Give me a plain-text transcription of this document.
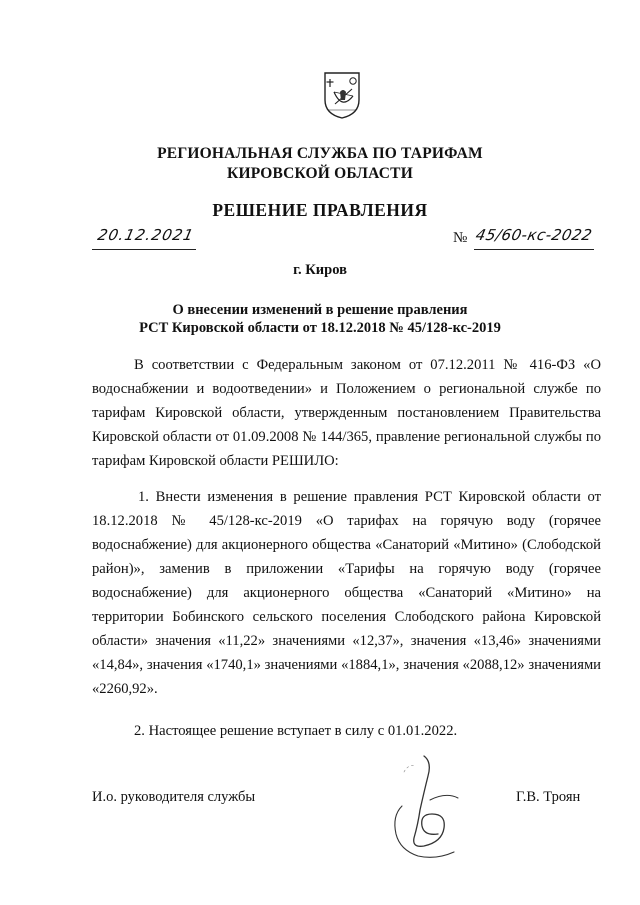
РЕГИОНАЛЬНАЯ СЛУЖБА ПО ТАРИФАМ
КИРОВСКОЙ ОБЛАСТИ
РЕШЕНИЕ ПРАВЛЕНИЯ
20.12.2021	№ 45/60-кс-2022
г. Киров
О внесении изменений в решение правления
РСТ Кировской области от 18.12.2018 № 45/128-кс-2019

В соответствии с Федеральным законом от 07.12.2011 № 416-ФЗ «О водоснабжении и водоотведении» и Положением о региональной службе по тарифам Кировской области, утвержденным постановлением Правительства Кировской области от 01.09.2008 № 144/365, правление региональной службы по тарифам Кировской области РЕШИЛО:

1. Внести изменения в решение правления РСТ Кировской области от 18.12.2018 № 45/128-кс-2019 «О тарифах на горячую воду (горячее водоснабжение) для акционерного общества «Санаторий «Митино» (Слободской район)», заменив в приложении «Тарифы на горячую воду (горячее водоснабжение) для акционерного общества «Санаторий «Митино» на территории Бобинского сельского поселения Слободского района Кировской области» значения «11,22» значениями «12,37», значения «13,46» значениями «14,84», значения «1740,1» значениями «1884,1», значения «2088,12» значениями «2260,92».

2. Настоящее решение вступает в силу с 01.01.2022.

И.о. руководителя службы	Г.В. Троян
